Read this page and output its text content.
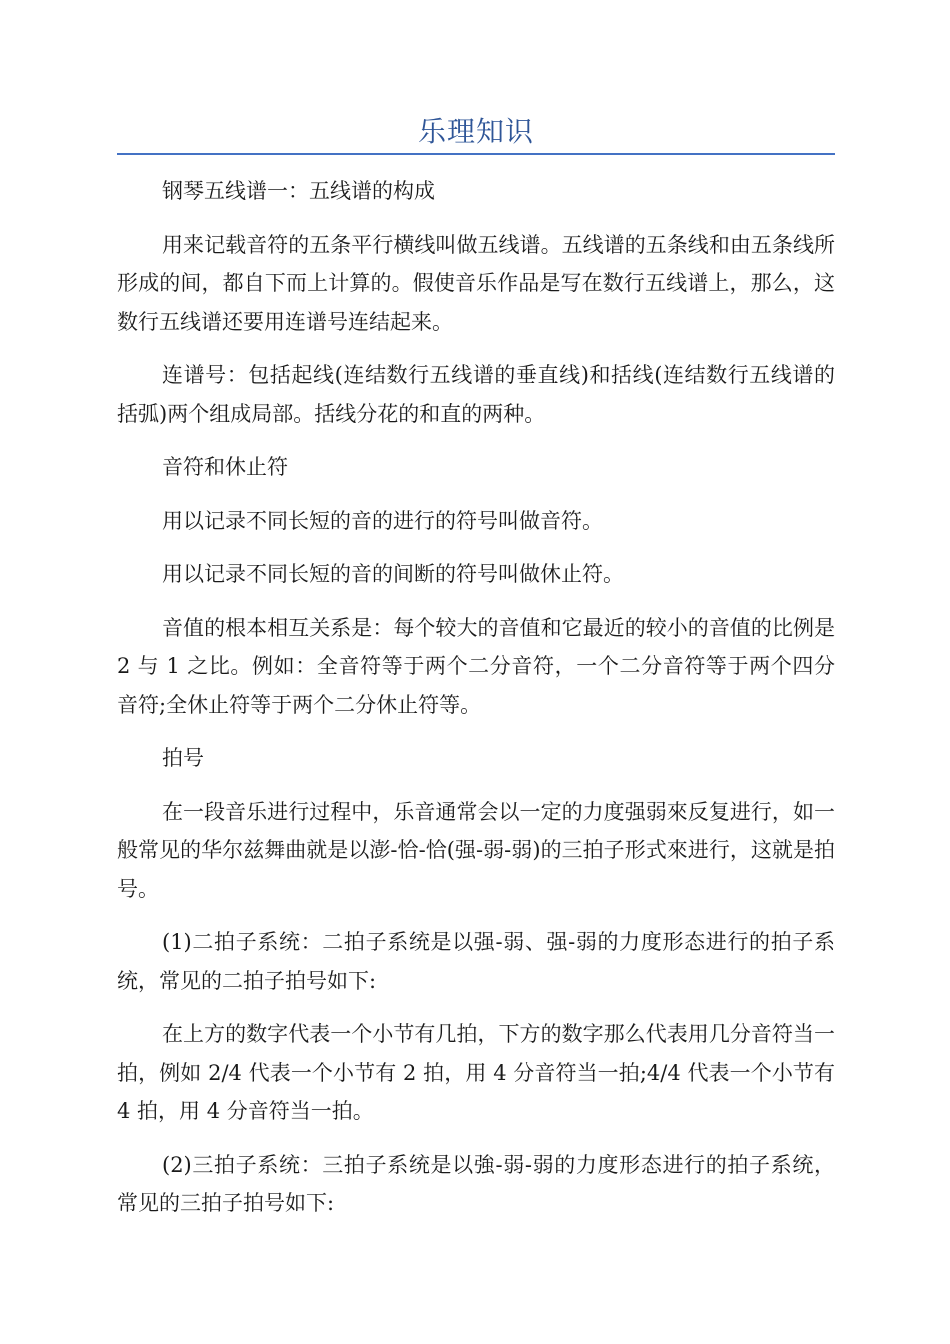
乐理知识

钢琴五线谱一：五线谱的构成

用来记载音符的五条平行横线叫做五线谱。五线谱的五条线和由五条线所形成的间，都自下而上计算的。假使音乐作品是写在数行五线谱上，那么，这数行五线谱还要用连谱号连结起来。

连谱号：包括起线(连结数行五线谱的垂直线)和括线(连结数行五线谱的括弧)两个组成局部。括线分花的和直的两种。

音符和休止符

用以记录不同长短的音的进行的符号叫做音符。

用以记录不同长短的音的间断的符号叫做休止符。

音值的根本相互关系是：每个较大的音值和它最近的较小的音值的比例是 2 与 1 之比。例如：全音符等于两个二分音符，一个二分音符等于两个四分音符;全休止符等于两个二分休止符等。

拍号

在一段音乐进行过程中，乐音通常会以一定的力度强弱來反复进行，如一般常见的华尔兹舞曲就是以澎-恰-恰(强-弱-弱)的三拍子形式來进行，这就是拍号。

(1)二拍子系统：二拍子系统是以强-弱、强-弱的力度形态进行的拍子系统，常见的二拍子拍号如下:

在上方的数字代表一个小节有几拍，下方的数字那么代表用几分音符当一拍，例如 2/4 代表一个小节有 2 拍，用 4 分音符当一拍;4/4 代表一个小节有 4 拍，用 4 分音符当一拍。

(2)三拍子系统：三拍子系统是以強-弱-弱的力度形态进行的拍子系统，常见的三拍子拍号如下:
